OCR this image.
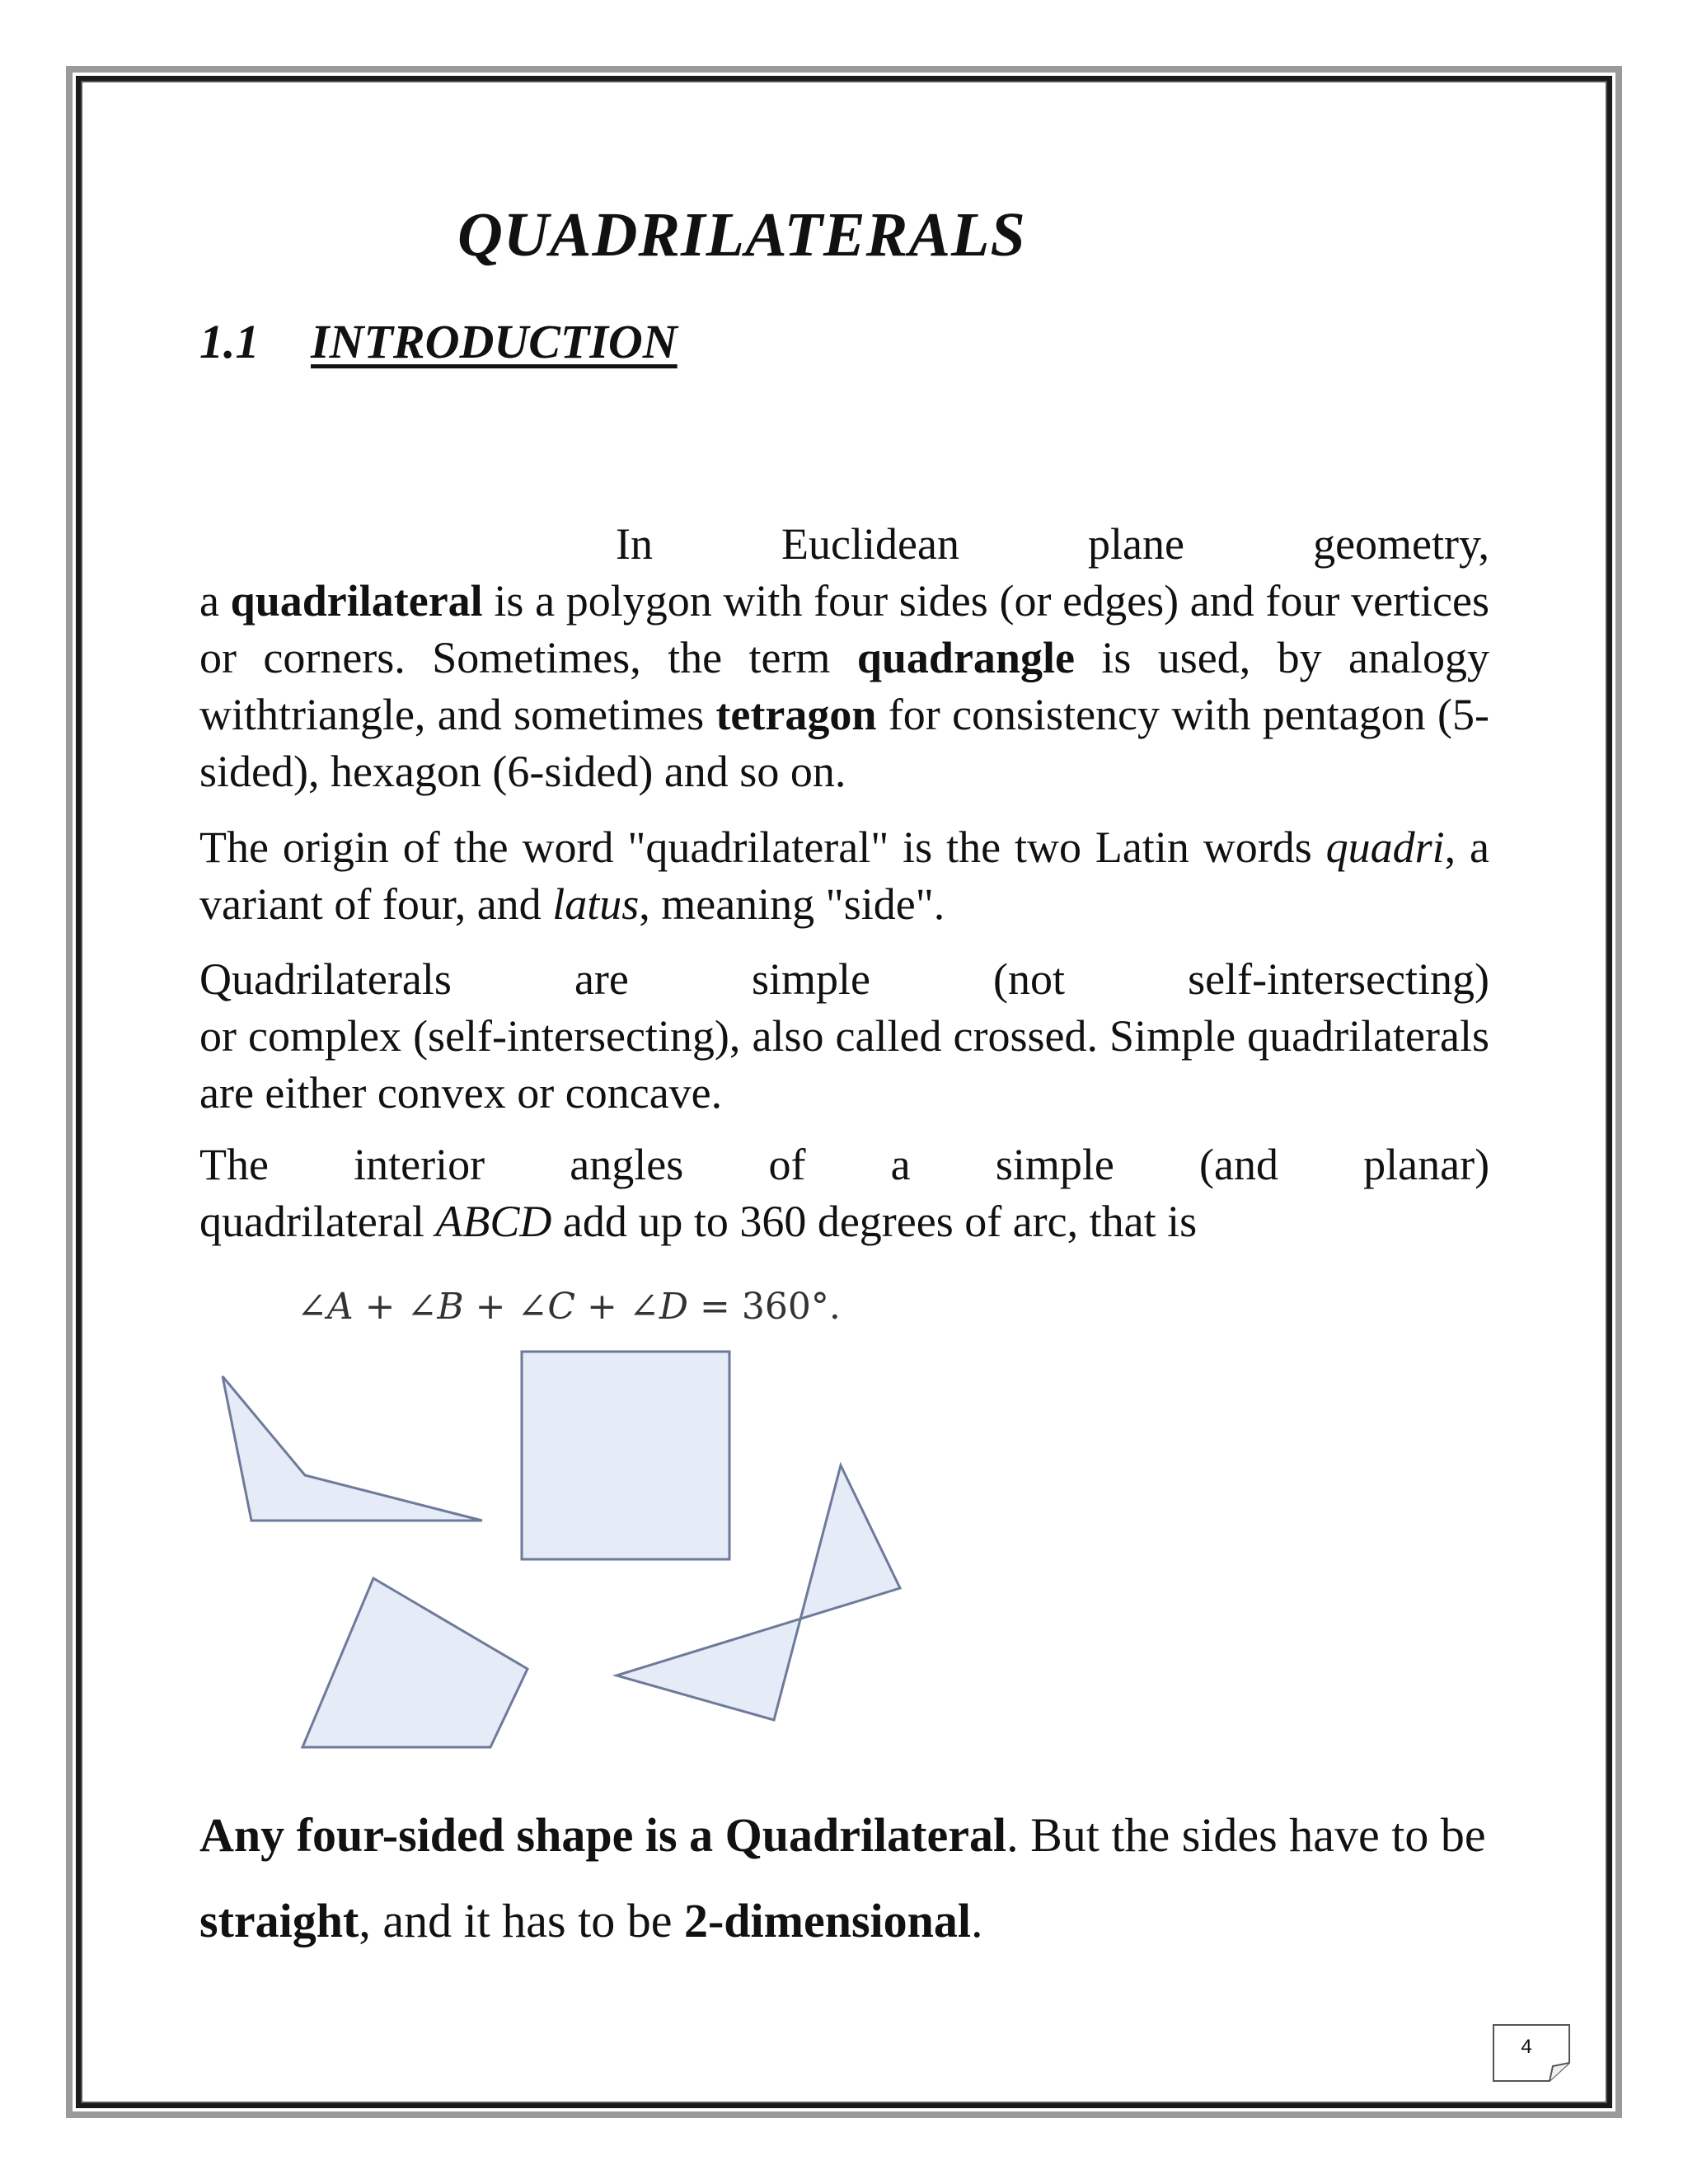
QUADRILATERALS
1.1 INTRODUCTION
In Euclidean	plane	geometry,
a quadrilateral is a polygon with four sides (or edges) and four vertices or corners. Sometimes, the term quadrangle is used, by analogy withtriangle, and sometimes tetragon for consistency with pentagon (5-sided), hexagon (6-sided) and so on.
The origin of the word "quadrilateral" is the two Latin words quadri, a variant of four, and latus, meaning "side".
Quadrilaterals	are simple (not	self-intersecting)
or complex (self-intersecting), also called crossed. Simple quadrilaterals are either convex or concave.
The interior angles of a simple (and planar)
quadrilateral ABCD add up to 360 degrees of arc, that is
∠A + ∠B + ∠C + ∠D = 360°.
Any four-sided shape is a Quadrilateral. But the sides have to be straight, and it has to be 2-dimensional.
4
